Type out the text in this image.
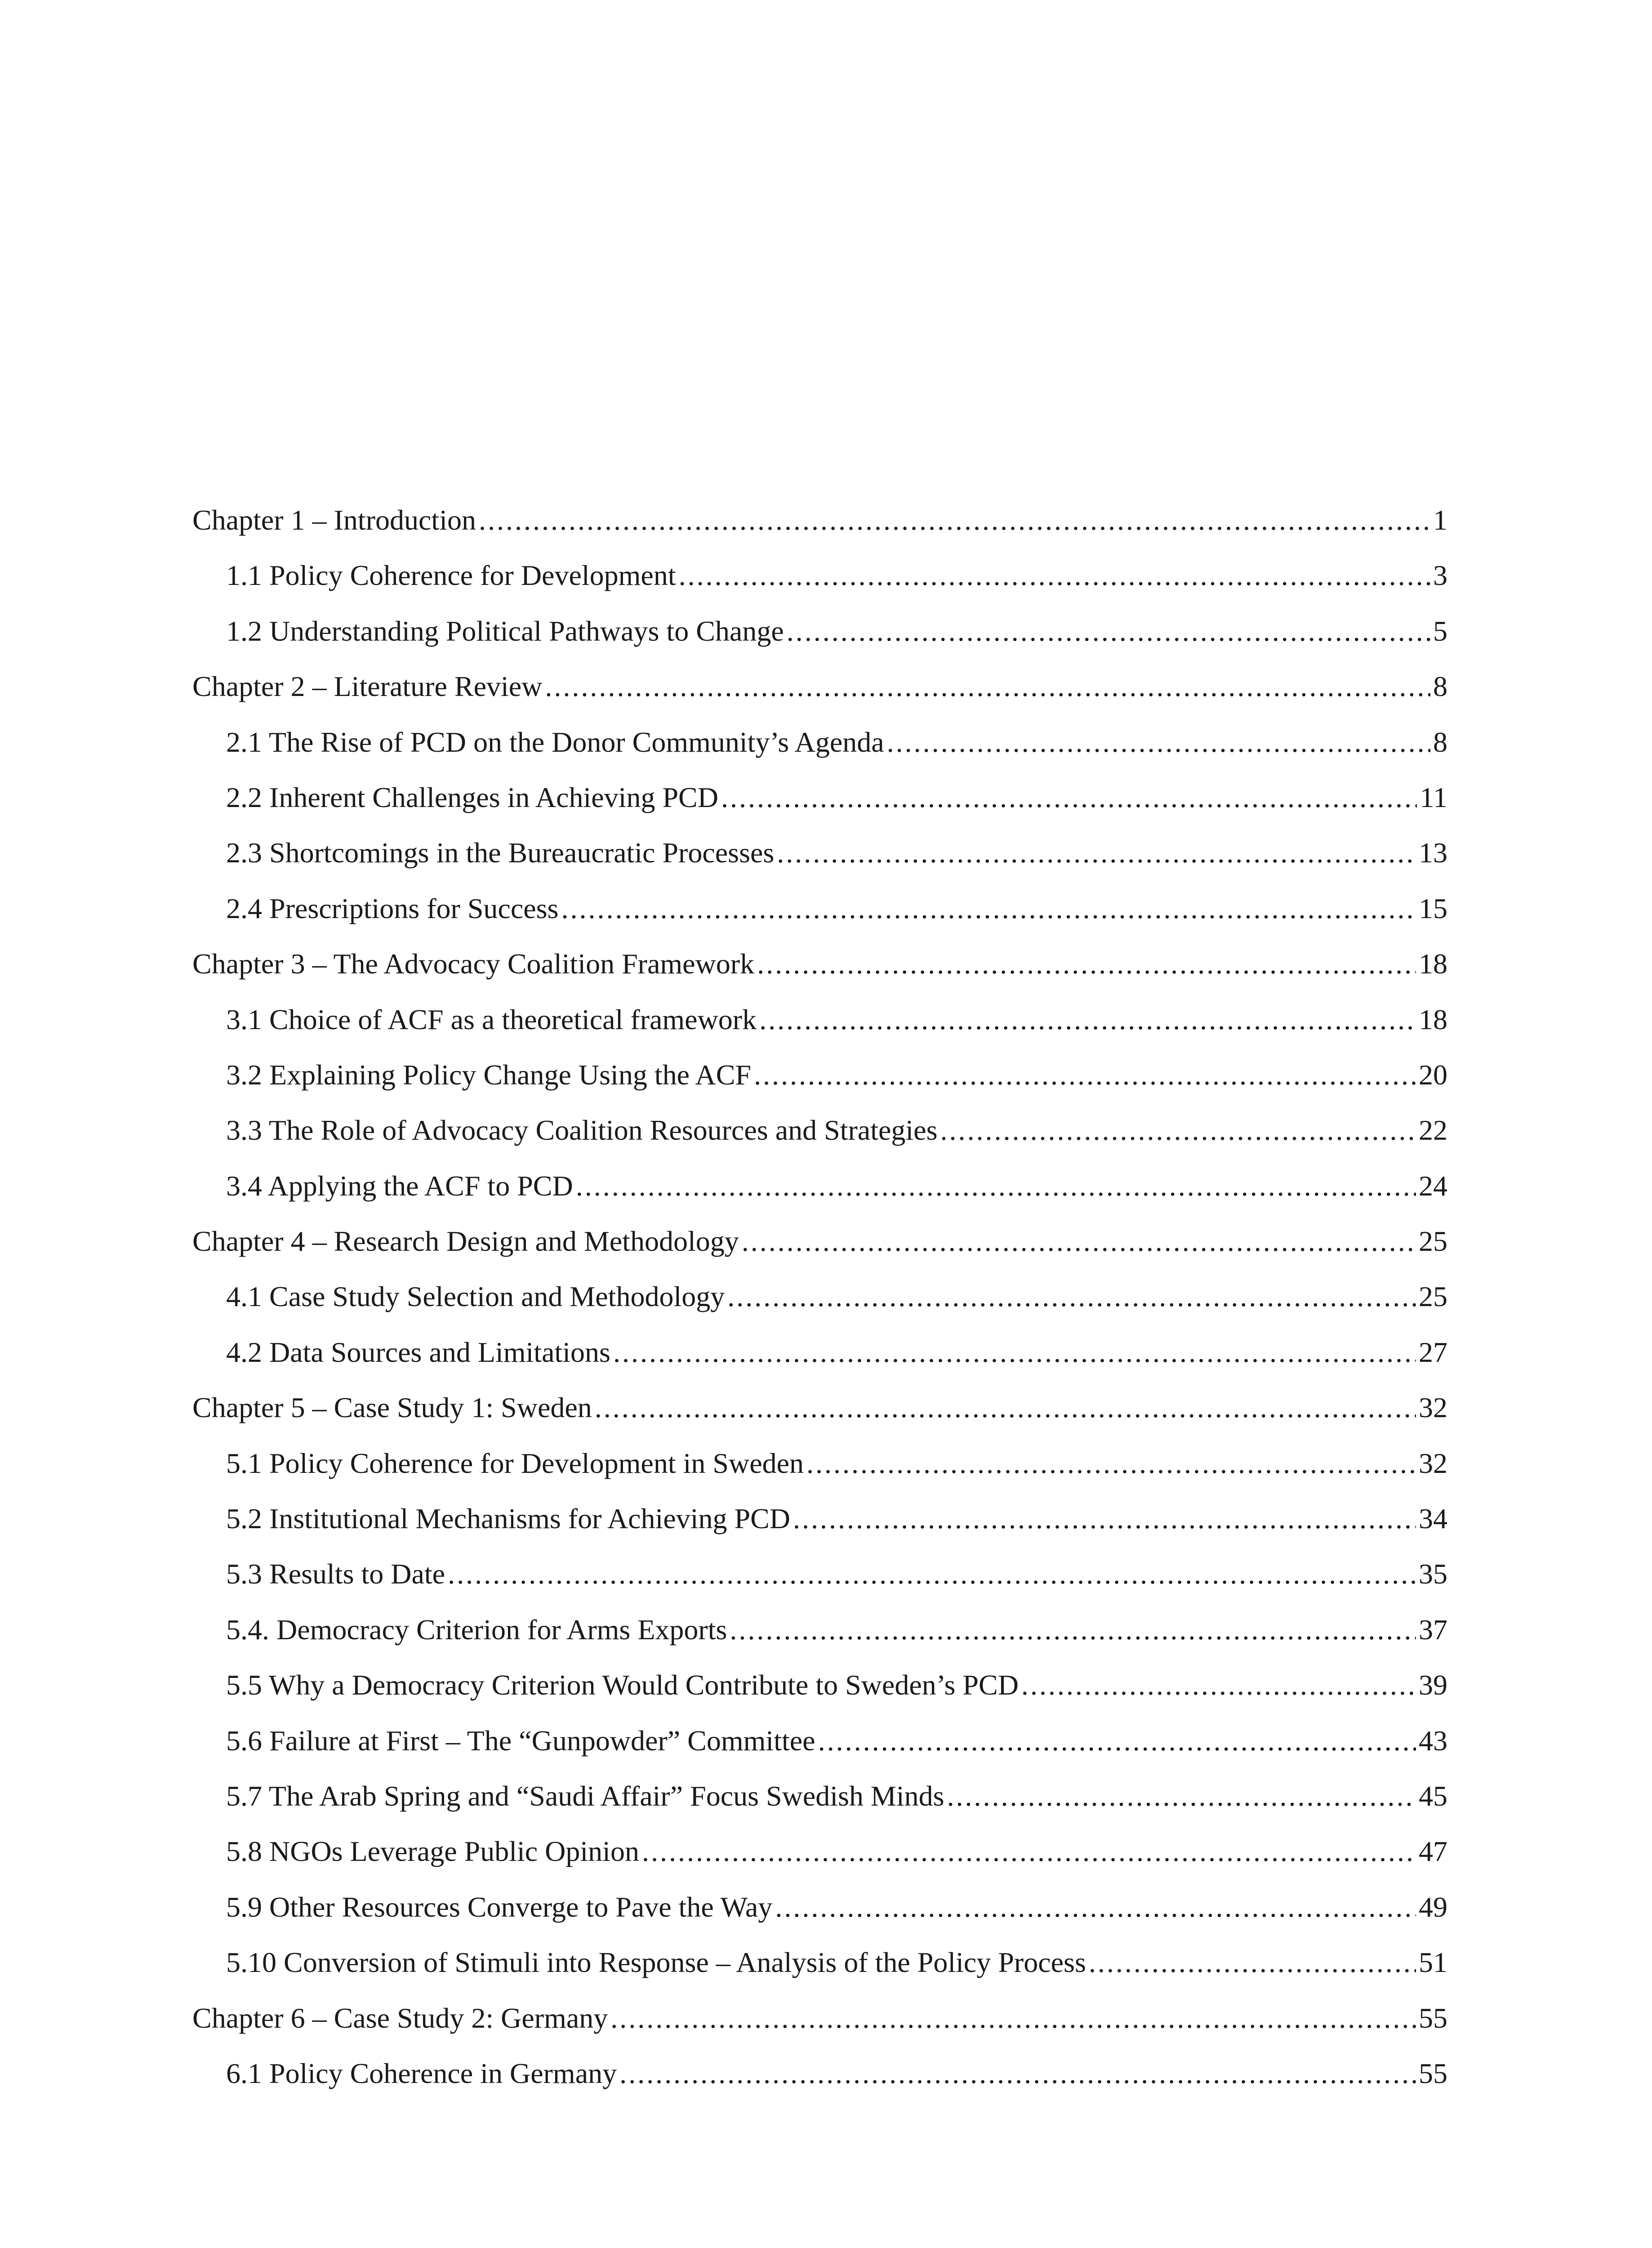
Chapter 1 – Introduction .....	1
1.1 Policy Coherence for Development .....	3
1.2 Understanding Political Pathways to Change .....	5
Chapter 2 – Literature Review .....	8
2.1 The Rise of PCD on the Donor Community’s Agenda .....	8
2.2 Inherent Challenges in Achieving PCD .....	11
2.3 Shortcomings in the Bureaucratic Processes .....	13
2.4 Prescriptions for Success .....	15
Chapter 3 – The Advocacy Coalition Framework .....	18
3.1 Choice of ACF as a theoretical framework .....	18
3.2 Explaining Policy Change Using the ACF .....	20
3.3 The Role of Advocacy Coalition Resources and Strategies .....	22
3.4 Applying the ACF to PCD .....	24
Chapter 4 – Research Design and Methodology .....	25
4.1 Case Study Selection and Methodology .....	25
4.2 Data Sources and Limitations .....	27
Chapter 5 – Case Study 1: Sweden .....	32
5.1 Policy Coherence for Development in Sweden .....	32
5.2 Institutional Mechanisms for Achieving PCD .....	34
5.3 Results to Date .....	35
5.4. Democracy Criterion for Arms Exports .....	37
5.5 Why a Democracy Criterion Would Contribute to Sweden’s PCD .....	39
5.6 Failure at First – The “Gunpowder” Committee .....	43
5.7 The Arab Spring and “Saudi Affair” Focus Swedish Minds .....	45
5.8 NGOs Leverage Public Opinion .....	47
5.9 Other Resources Converge to Pave the Way .....	49
5.10 Conversion of Stimuli into Response – Analysis of the Policy Process .....	51
Chapter 6 – Case Study 2: Germany .....	55
6.1 Policy Coherence in Germany .....	55
